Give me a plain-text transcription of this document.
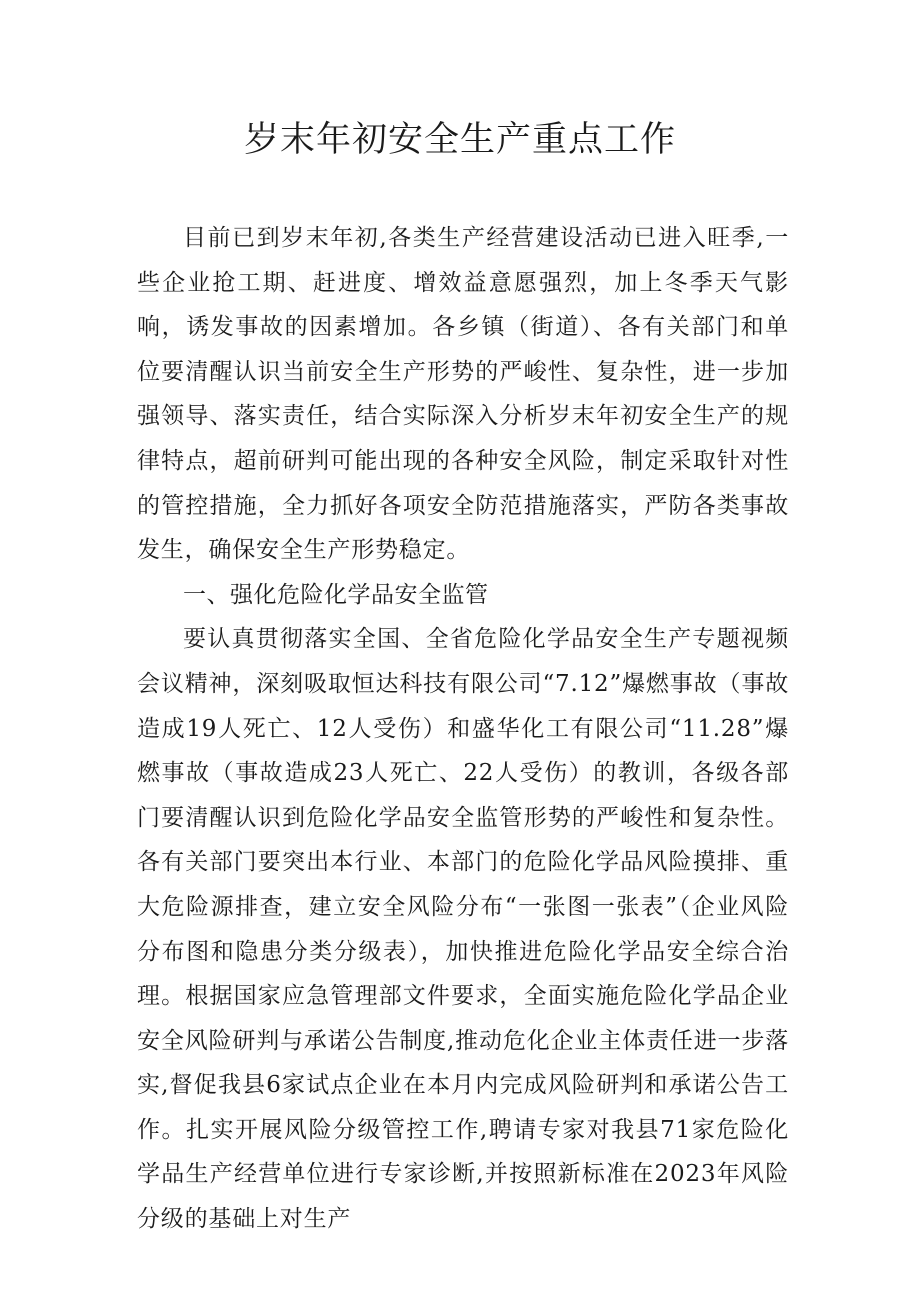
岁末年初安全生产重点工作

目前已到岁末年初,各类生产经营建设活动已进入旺季,一些企业抢工期、赶进度、增效益意愿强烈，加上冬季天气影响，诱发事故的因素增加。各乡镇（街道）、各有关部门和单位要清醒认识当前安全生产形势的严峻性、复杂性，进一步加强领导、落实责任，结合实际深入分析岁末年初安全生产的规律特点，超前研判可能出现的各种安全风险，制定采取针对性的管控措施，全力抓好各项安全防范措施落实，严防各类事故发生，确保安全生产形势稳定。

一、强化危险化学品安全监管

要认真贯彻落实全国、全省危险化学品安全生产专题视频会议精神，深刻吸取恒达科技有限公司“7.12”爆燃事故（事故造成19人死亡、12人受伤）和盛华化工有限公司“11.28”爆燃事故（事故造成23人死亡、22人受伤）的教训，各级各部门要清醒认识到危险化学品安全监管形势的严峻性和复杂性。各有关部门要突出本行业、本部门的危险化学品风险摸排、重大危险源排查，建立安全风险分布“一张图一张表”（企业风险分布图和隐患分类分级表），加快推进危险化学品安全综合治理。根据国家应急管理部文件要求，全面实施危险化学品企业安全风险研判与承诺公告制度,推动危化企业主体责任进一步落实,督促我县6家试点企业在本月内完成风险研判和承诺公告工作。扎实开展风险分级管控工作,聘请专家对我县71家危险化学品生产经营单位进行专家诊断,并按照新标准在2023年风险分级的基础上对生产
